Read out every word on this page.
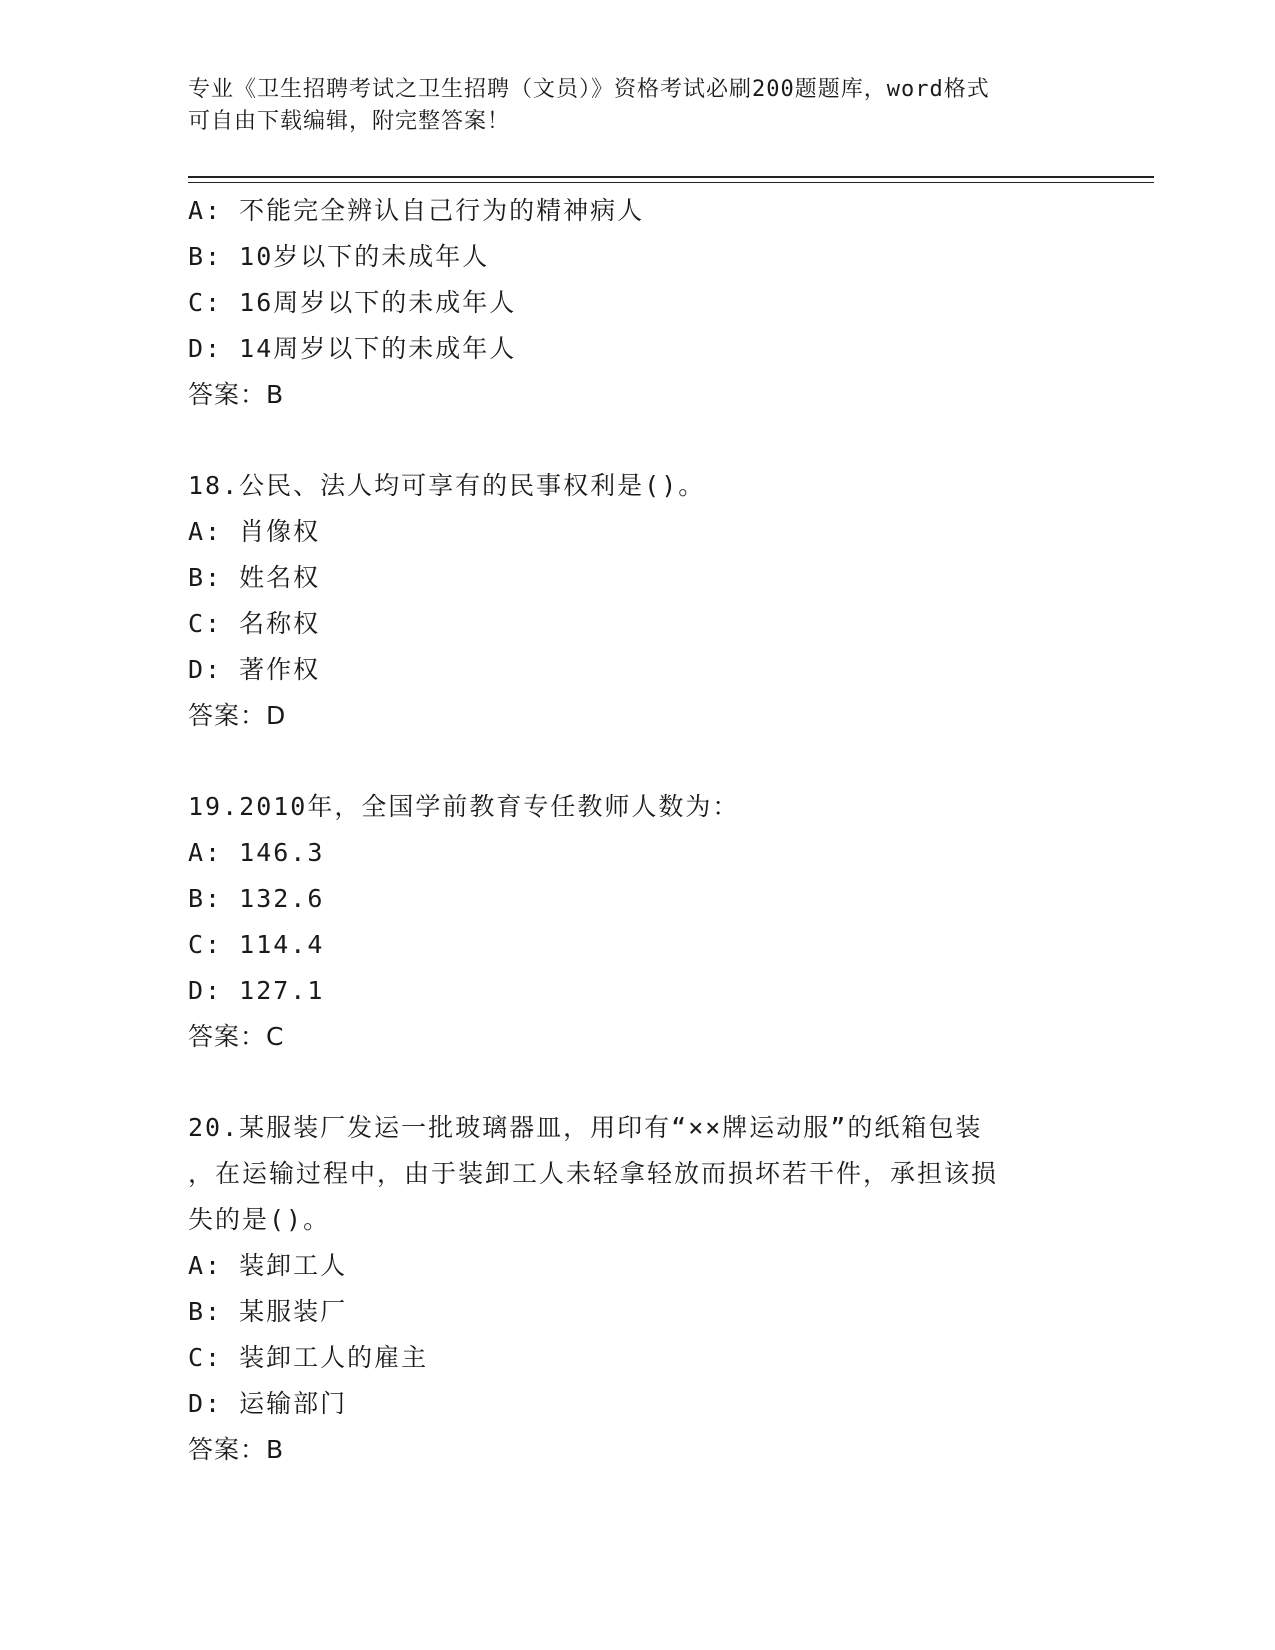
专业《卫生招聘考试之卫生招聘（文员）》资格考试必刷200题题库，word格式
可自由下载编辑，附完整答案！
A: 不能完全辨认自己行为的精神病人
B: 10岁以下的未成年人
C: 16周岁以下的未成年人
D: 14周岁以下的未成年人
答案：B
18.公民、法人均可享有的民事权利是()。
A: 肖像权
B: 姓名权
C: 名称权
D: 著作权
答案：D
19.2010年，全国学前教育专任教师人数为：
A: 146.3
B: 132.6
C: 114.4
D: 127.1
答案：C
20.某服装厂发运一批玻璃器皿，用印有“××牌运动服”的纸箱包装
，在运输过程中，由于装卸工人未轻拿轻放而损坏若干件，承担该损
失的是()。
A: 装卸工人
B: 某服装厂
C: 装卸工人的雇主
D: 运输部门
答案：B
